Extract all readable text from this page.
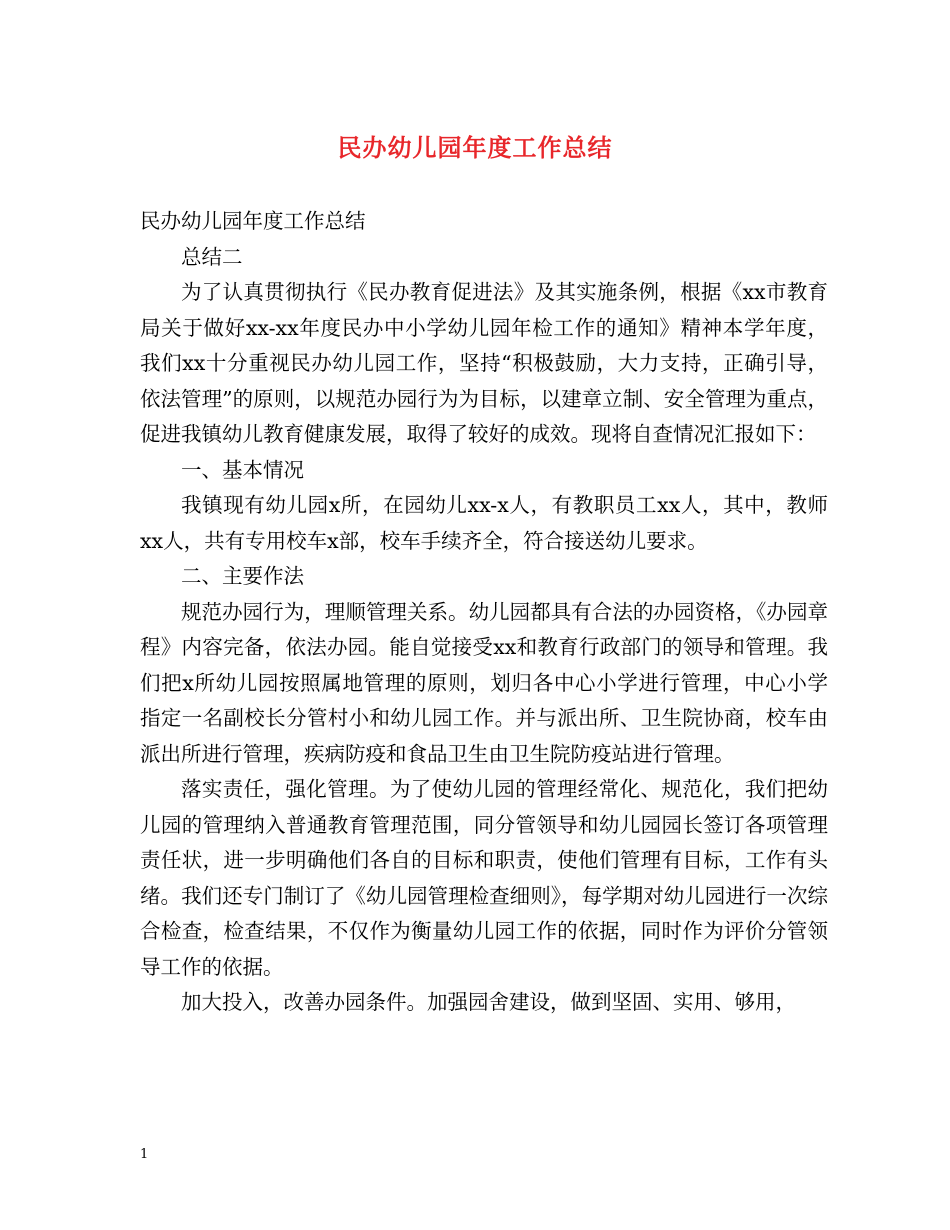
民办幼儿园年度工作总结

民办幼儿园年度工作总结

总结二

为了认真贯彻执行《民办教育促进法》及其实施条例，根据《xx市教育局关于做好xx-xx年度民办中小学幼儿园年检工作的通知》精神本学年度，我们xx十分重视民办幼儿园工作，坚持“积极鼓励，大力支持，正确引导，依法管理”的原则，以规范办园行为为目标，以建章立制、安全管理为重点，促进我镇幼儿教育健康发展，取得了较好的成效。现将自查情况汇报如下：

一、基本情况

我镇现有幼儿园x所，在园幼儿xx-x人，有教职员工xx人，其中，教师xx人，共有专用校车x部，校车手续齐全，符合接送幼儿要求。

二、主要作法

规范办园行为，理顺管理关系。幼儿园都具有合法的办园资格，《办园章程》内容完备，依法办园。能自觉接受xx和教育行政部门的领导和管理。我们把x所幼儿园按照属地管理的原则，划归各中心小学进行管理，中心小学指定一名副校长分管村小和幼儿园工作。并与派出所、卫生院协商，校车由派出所进行管理，疾病防疫和食品卫生由卫生院防疫站进行管理。

落实责任，强化管理。为了使幼儿园的管理经常化、规范化，我们把幼儿园的管理纳入普通教育管理范围，同分管领导和幼儿园园长签订各项管理责任状，进一步明确他们各自的目标和职责，使他们管理有目标，工作有头绪。我们还专门制订了《幼儿园管理检查细则》，每学期对幼儿园进行一次综合检查，检查结果，不仅作为衡量幼儿园工作的依据，同时作为评价分管领导工作的依据。

加大投入，改善办园条件。加强园舍建设，做到坚固、实用、够用，

1
